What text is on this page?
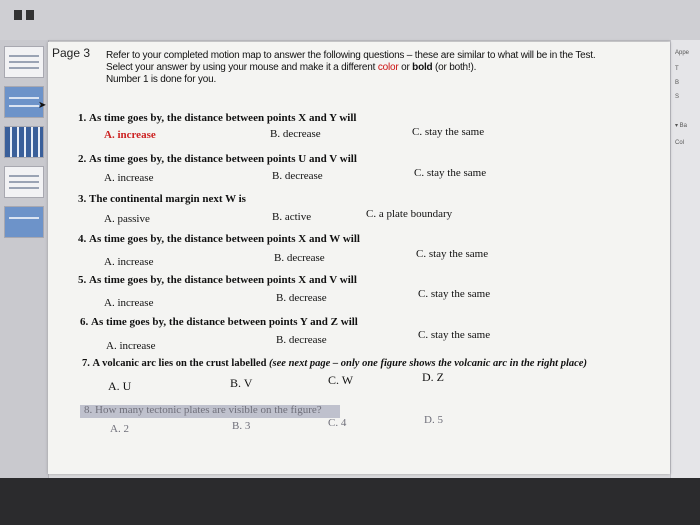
➤
Appe
T
B
S
▾ Ba
Col
Page 3 Refer to your completed motion map to answer the following questions – these are similar to what will be in the Test.
Select your answer by using your mouse and make it a different color or bold (or both!).
Number 1 is done for you.
1. As time goes by, the distance between points X and Y will
A. increase	B. decrease	C. stay the same
2. As time goes by, the distance between points U and V will
A. increase	B. decrease	C. stay the same
3. The continental margin next W is
A. passive	B. active	C. a plate boundary
4. As time goes by, the distance between points X and W will
A. increase	B. decrease	C. stay the same
5. As time goes by, the distance between points X and V will
A. increase	B. decrease	C. stay the same
6. As time goes by, the distance between points Y and Z will
A. increase	B. decrease	C. stay the same
7. A volcanic arc lies on the crust labelled (see next page – only one figure shows the volcanic arc in the right place)
A. U	B. V	C. W	D. Z
8. How many tectonic plates are visible on the figure?
A. 2	B. 3	C. 4	D. 5
